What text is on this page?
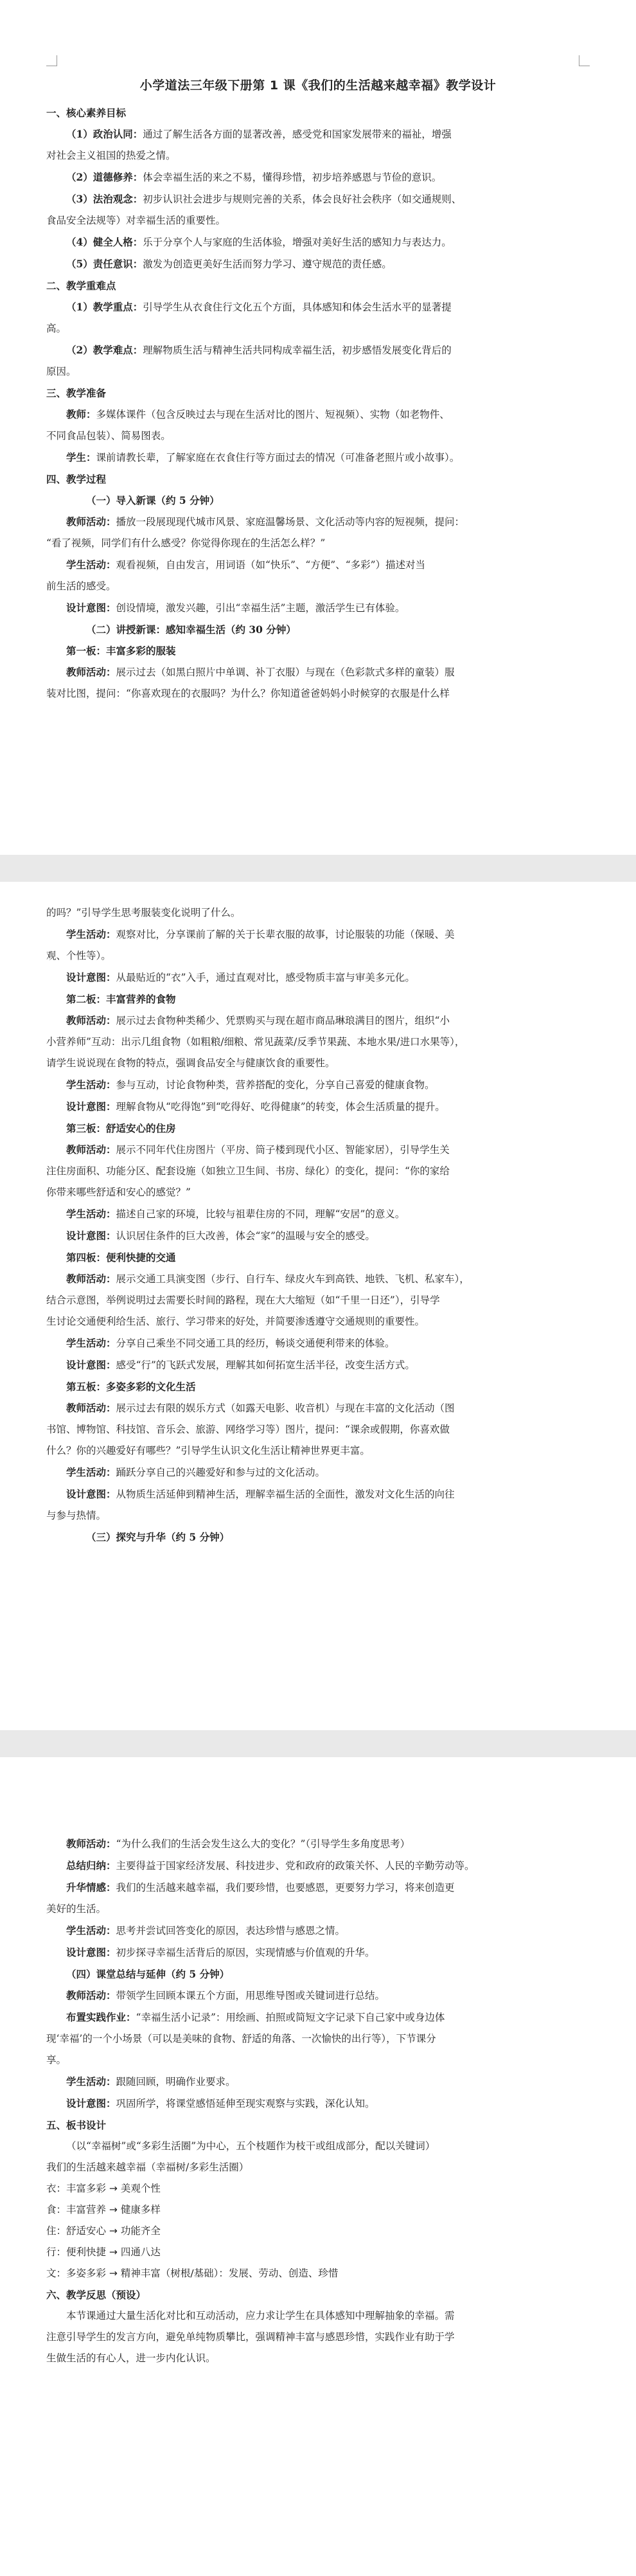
小学道法三年级下册第 1 课《我们的生活越来越幸福》教学设计

一、核心素养目标

（1）政治认同：通过了解生活各方面的显著改善，感受党和国家发展带来的福祉，增强

对社会主义祖国的热爱之情。

（2）道德修养：体会幸福生活的来之不易，懂得珍惜，初步培养感恩与节俭的意识。

（3）法治观念：初步认识社会进步与规则完善的关系，体会良好社会秩序（如交通规则、

食品安全法规等）对幸福生活的重要性。

（4）健全人格：乐于分享个人与家庭的生活体验，增强对美好生活的感知力与表达力。

（5）责任意识：激发为创造更美好生活而努力学习、遵守规范的责任感。

二、教学重难点

（1）教学重点：引导学生从衣食住行文化五个方面，具体感知和体会生活水平的显著提

高。

（2）教学难点：理解物质生活与精神生活共同构成幸福生活，初步感悟发展变化背后的

原因。

三、教学准备

教师：多媒体课件（包含反映过去与现在生活对比的图片、短视频）、实物（如老物件、

不同食品包装）、简易图表。

学生：课前请教长辈，了解家庭在衣食住行等方面过去的情况（可准备老照片或小故事）。

四、教学过程

（一）导入新课（约 5 分钟）

教师活动：播放一段展现现代城市风景、家庭温馨场景、文化活动等内容的短视频，提问：

“看了视频，同学们有什么感受？你觉得你现在的生活怎么样？”

学生活动：观看视频，自由发言，用词语（如“快乐”、“方便”、“多彩”）描述对当

前生活的感受。

设计意图：创设情境，激发兴趣，引出“幸福生活”主题，激活学生已有体验。

（二）讲授新课：感知幸福生活（约 30 分钟）

第一板：丰富多彩的服装

教师活动：展示过去（如黑白照片中单调、补丁衣服）与现在（色彩款式多样的童装）服

装对比图，提问：“你喜欢现在的衣服吗？为什么？你知道爸爸妈妈小时候穿的衣服是什么样

的吗？”引导学生思考服装变化说明了什么。

学生活动：观察对比，分享课前了解的关于长辈衣服的故事，讨论服装的功能（保暖、美

观、个性等）。

设计意图：从最贴近的“衣”入手，通过直观对比，感受物质丰富与审美多元化。

第二板：丰富营养的食物

教师活动：展示过去食物种类稀少、凭票购买与现在超市商品琳琅满目的图片，组织“小

小营养师”互动：出示几组食物（如粗粮/细粮、常见蔬菜/反季节果蔬、本地水果/进口水果等），

请学生说说现在食物的特点，强调食品安全与健康饮食的重要性。

学生活动：参与互动，讨论食物种类，营养搭配的变化，分享自己喜爱的健康食物。

设计意图：理解食物从“吃得饱”到“吃得好、吃得健康”的转变，体会生活质量的提升。

第三板：舒适安心的住房

教师活动：展示不同年代住房图片（平房、筒子楼到现代小区、智能家居），引导学生关

注住房面积、功能分区、配套设施（如独立卫生间、书房、绿化）的变化，提问：“你的家给

你带来哪些舒适和安心的感觉？”

学生活动：描述自己家的环境，比较与祖辈住房的不同，理解“安居”的意义。

设计意图：认识居住条件的巨大改善，体会“家”的温暖与安全的感受。

第四板：便利快捷的交通

教师活动：展示交通工具演变图（步行、自行车、绿皮火车到高铁、地铁、飞机、私家车），

结合示意图，举例说明过去需要长时间的路程，现在大大缩短（如“千里一日还”），引导学

生讨论交通便利给生活、旅行、学习带来的好处，并简要渗透遵守交通规则的重要性。

学生活动：分享自己乘坐不同交通工具的经历，畅谈交通便利带来的体验。

设计意图：感受“行”的飞跃式发展，理解其如何拓宽生活半径，改变生活方式。

第五板：多姿多彩的文化生活

教师活动：展示过去有限的娱乐方式（如露天电影、收音机）与现在丰富的文化活动（图

书馆、博物馆、科技馆、音乐会、旅游、网络学习等）图片，提问：“课余或假期，你喜欢做

什么？你的兴趣爱好有哪些？”引导学生认识文化生活让精神世界更丰富。

学生活动：踊跃分享自己的兴趣爱好和参与过的文化活动。

设计意图：从物质生活延伸到精神生活，理解幸福生活的全面性，激发对文化生活的向往

与参与热情。

（三）探究与升华（约 5 分钟）

教师活动：“为什么我们的生活会发生这么大的变化？”（引导学生多角度思考）

总结归纳：主要得益于国家经济发展、科技进步、党和政府的政策关怀、人民的辛勤劳动等。

升华情感：我们的生活越来越幸福，我们要珍惜，也要感恩，更要努力学习，将来创造更

美好的生活。

学生活动：思考并尝试回答变化的原因，表达珍惜与感恩之情。

设计意图：初步探寻幸福生活背后的原因，实现情感与价值观的升华。

（四）课堂总结与延伸（约 5 分钟）

教师活动：带领学生回顾本课五个方面，用思维导图或关键词进行总结。

布置实践作业：“幸福生活小记录”：用绘画、拍照或简短文字记录下自己家中或身边体

现‘幸福’的一个小场景（可以是美味的食物、舒适的角落、一次愉快的出行等），下节课分

享。

学生活动：跟随回顾，明确作业要求。

设计意图：巩固所学，将课堂感悟延伸至现实观察与实践，深化认知。

五、板书设计

（以“幸福树”或“多彩生活圈”为中心，五个枝题作为枝干或组成部分，配以关键词）

我们的生活越来越幸福（幸福树/多彩生活圈）

衣：丰富多彩 → 美观个性

食：丰富营养 → 健康多样

住：舒适安心 → 功能齐全

行：便利快捷 → 四通八达

文：多姿多彩 → 精神丰富（树根/基础）：发展、劳动、创造、珍惜

六、教学反思（预设）

本节课通过大量生活化对比和互动活动，应力求让学生在具体感知中理解抽象的幸福。需

注意引导学生的发言方向，避免单纯物质攀比，强调精神丰富与感恩珍惜，实践作业有助于学

生做生活的有心人，进一步内化认识。
